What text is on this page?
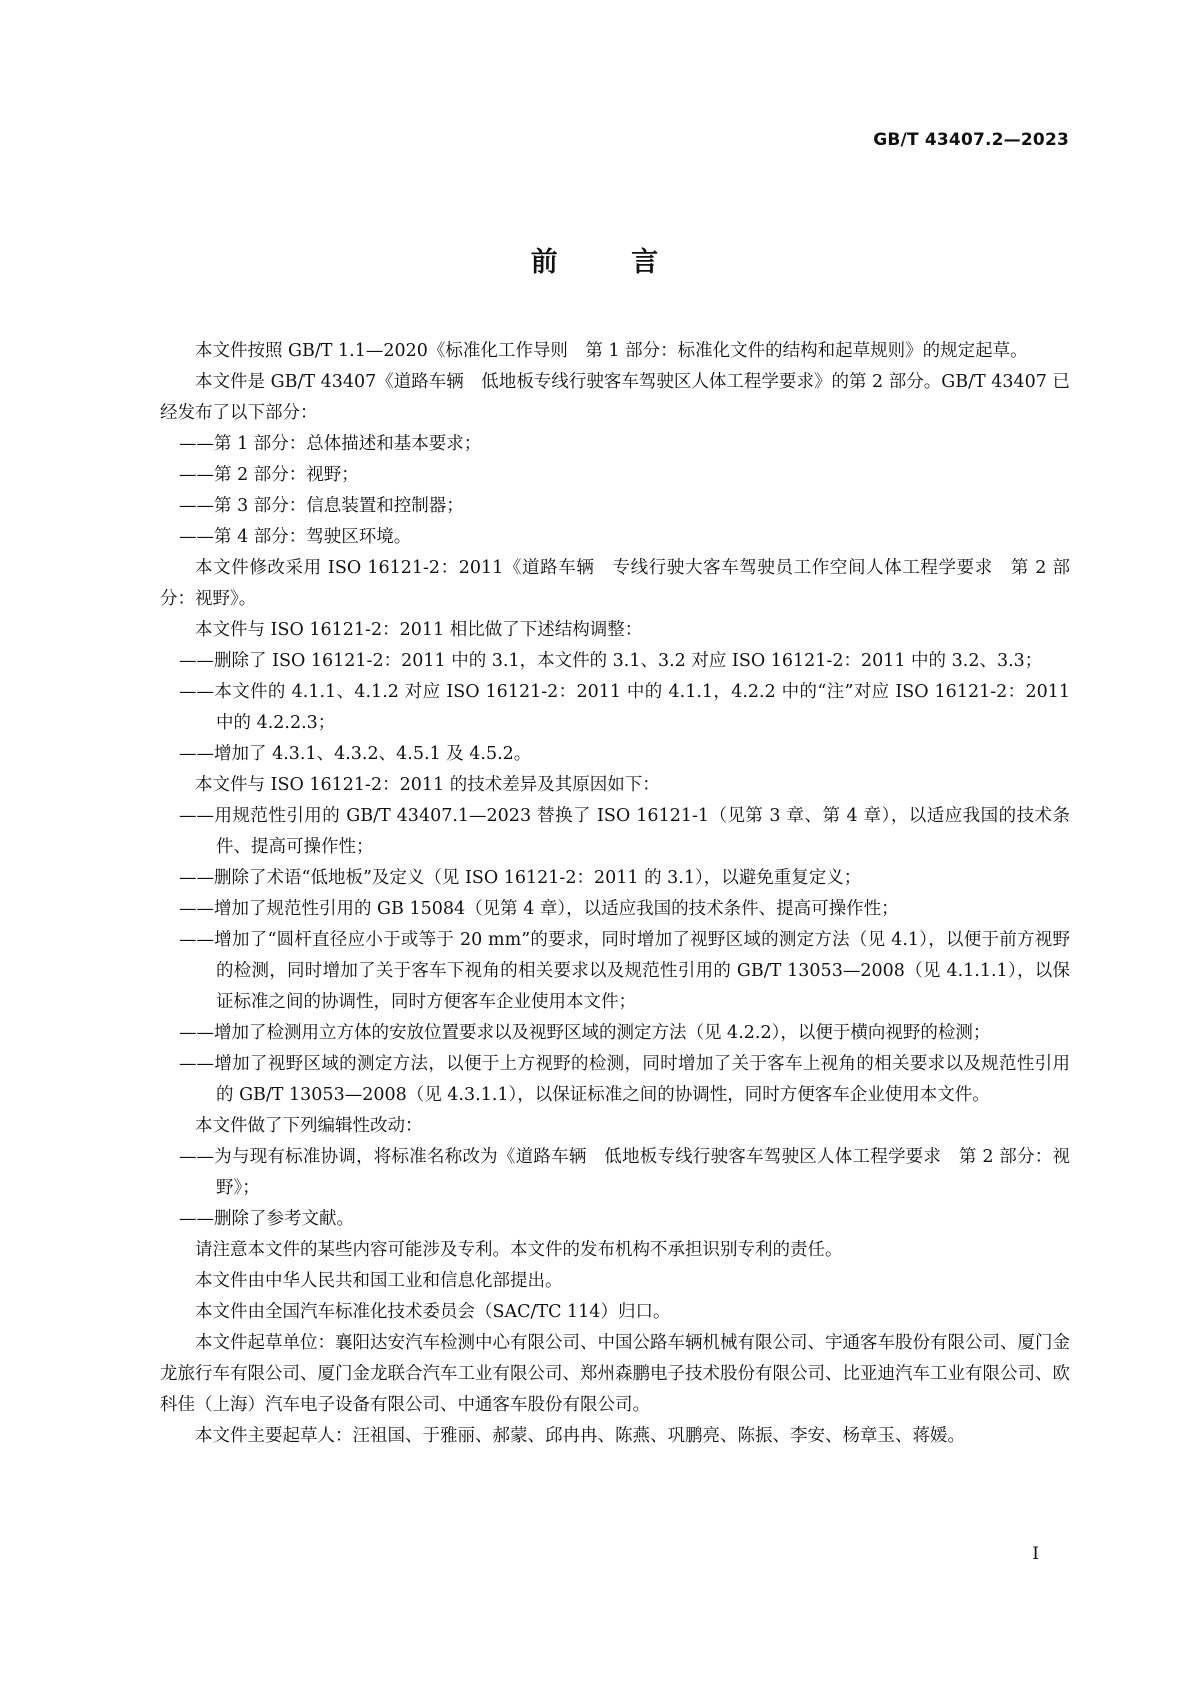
GB/T 43407.2—2023
前 言

本文件按照 GB/T 1.1—2020《标准化工作导则　第 1 部分：标准化文件的结构和起草规则》的规定起草。

本文件是 GB/T 43407《道路车辆　低地板专线行驶客车驾驶区人体工程学要求》的第 2 部分。GB/T 43407 已经发布了以下部分：

——第 1 部分：总体描述和基本要求；

——第 2 部分：视野；

——第 3 部分：信息装置和控制器；

——第 4 部分：驾驶区环境。

本文件修改采用 ISO 16121-2：2011《道路车辆　专线行驶大客车驾驶员工作空间人体工程学要求　第 2 部分：视野》。

本文件与 ISO 16121-2：2011 相比做了下述结构调整：

——删除了 ISO 16121-2：2011 中的 3.1，本文件的 3.1、3.2 对应 ISO 16121-2：2011 中的 3.2、3.3；

——本文件的 4.1.1、4.1.2 对应 ISO 16121-2：2011 中的 4.1.1，4.2.2 中的“注”对应 ISO 16121-2：2011 中的 4.2.2.3；

——增加了 4.3.1、4.3.2、4.5.1 及 4.5.2。

本文件与 ISO 16121-2：2011 的技术差异及其原因如下：

——用规范性引用的 GB/T 43407.1—2023 替换了 ISO 16121-1（见第 3 章、第 4 章），以适应我国的技术条件、提高可操作性；

——删除了术语“低地板”及定义（见 ISO 16121-2：2011 的 3.1），以避免重复定义；

——增加了规范性引用的 GB 15084（见第 4 章），以适应我国的技术条件、提高可操作性；

——增加了“圆杆直径应小于或等于 20 mm”的要求，同时增加了视野区域的测定方法（见 4.1），以便于前方视野的检测，同时增加了关于客车下视角的相关要求以及规范性引用的 GB/T 13053—2008（见 4.1.1.1），以保证标准之间的协调性，同时方便客车企业使用本文件；

——增加了检测用立方体的安放位置要求以及视野区域的测定方法（见 4.2.2），以便于横向视野的检测；

——增加了视野区域的测定方法，以便于上方视野的检测，同时增加了关于客车上视角的相关要求以及规范性引用的 GB/T 13053—2008（见 4.3.1.1），以保证标准之间的协调性，同时方便客车企业使用本文件。

本文件做了下列编辑性改动：

——为与现有标准协调，将标准名称改为《道路车辆　低地板专线行驶客车驾驶区人体工程学要求　第 2 部分：视野》；

——删除了参考文献。

请注意本文件的某些内容可能涉及专利。本文件的发布机构不承担识别专利的责任。

本文件由中华人民共和国工业和信息化部提出。

本文件由全国汽车标准化技术委员会（SAC/TC 114）归口。

本文件起草单位：襄阳达安汽车检测中心有限公司、中国公路车辆机械有限公司、宇通客车股份有限公司、厦门金龙旅行车有限公司、厦门金龙联合汽车工业有限公司、郑州森鹏电子技术股份有限公司、比亚迪汽车工业有限公司、欧科佳（上海）汽车电子设备有限公司、中通客车股份有限公司。

本文件主要起草人：汪祖国、于雅丽、郝蒙、邱冉冉、陈燕、巩鹏亮、陈振、李安、杨章玉、蒋媛。

Ⅰ
